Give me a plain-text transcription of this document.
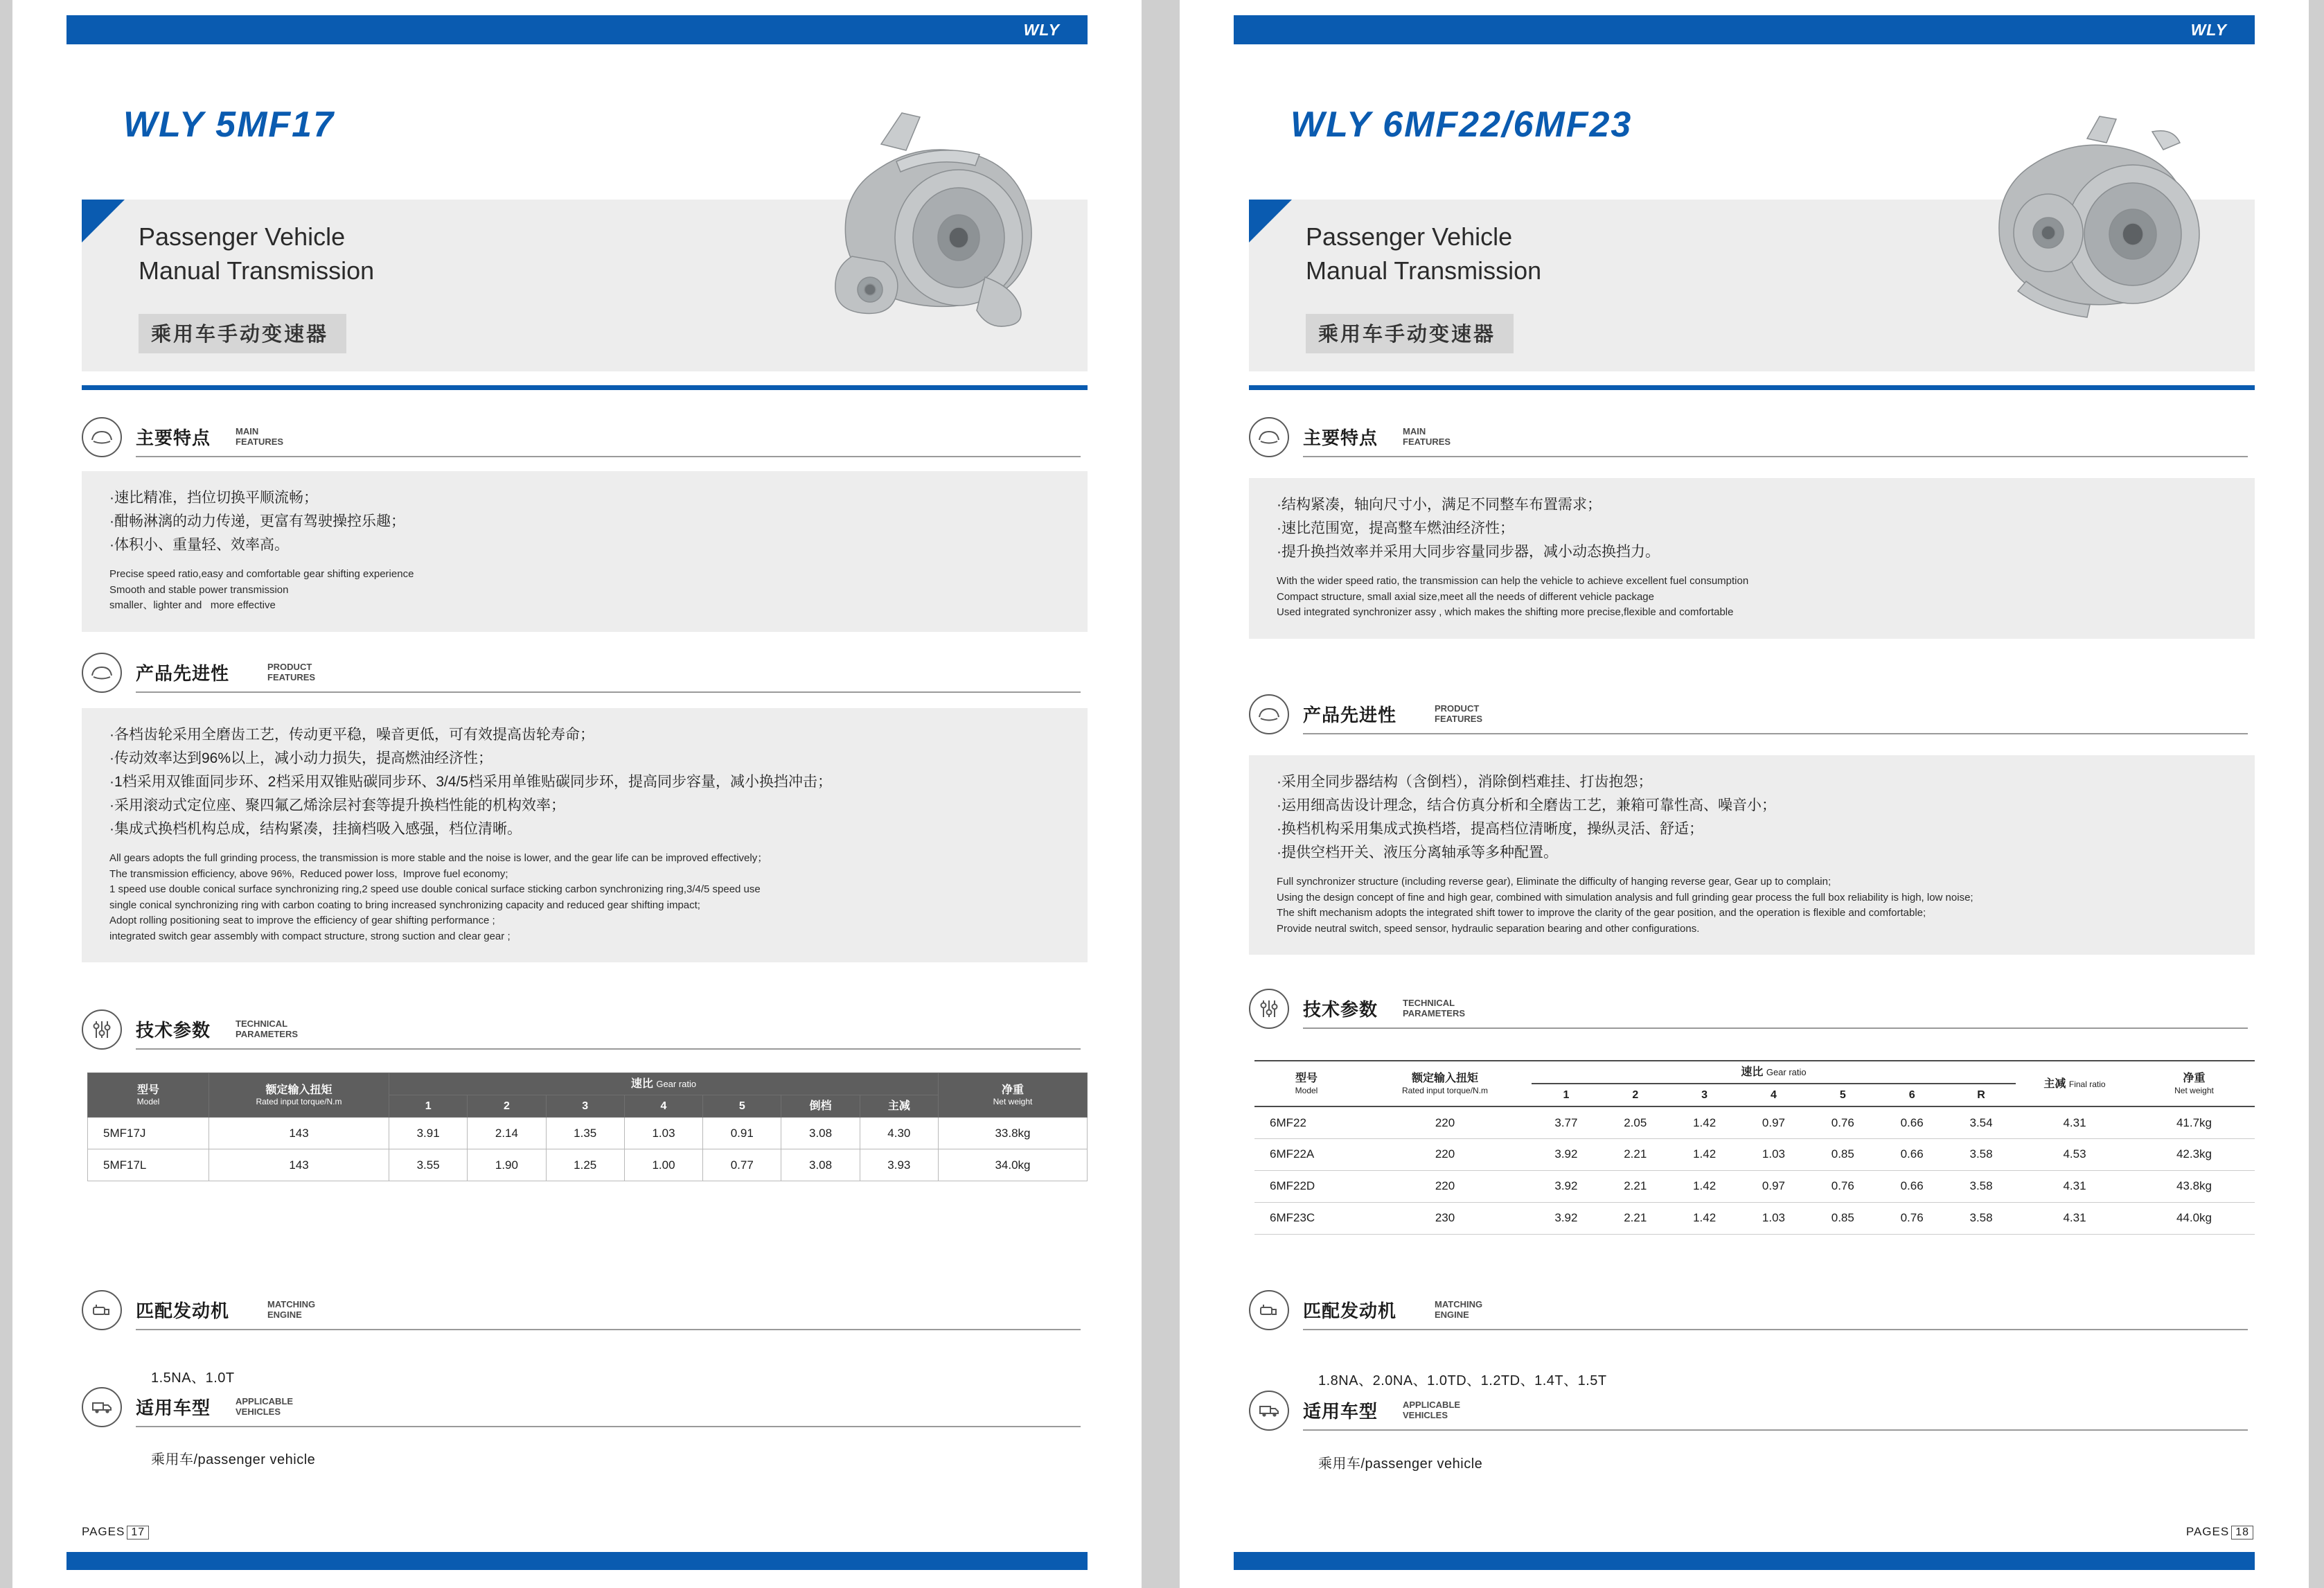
WLY
WLY 5MF17
Passenger Vehicle
Manual Transmission
乘用车手动变速器
主要特点	MAIN
FEATURES
·速比精准，挡位切换平顺流畅；
·酣畅淋漓的动力传递，更富有驾驶操控乐趣；
·体积小、重量轻、效率高。
Precise speed ratio,easy and comfortable gear shifting experience
Smooth and stable power transmission
smaller、lighter and   more effective
产品先进性	PRODUCT
FEATURES
·各档齿轮采用全磨齿工艺，传动更平稳，噪音更低，可有效提高齿轮寿命；
·传动效率达到96%以上，减小动力损失，提高燃油经济性；
·1档采用双锥面同步环、2档采用双锥贴碳同步环、3/4/5档采用单锥贴碳同步环，提高同步容量，减小换挡冲击；
·采用滚动式定位座、聚四氟乙烯涂层衬套等提升换档性能的机构效率；
·集成式换档机构总成，结构紧凑，挂摘档吸入感强，档位清晰。
All gears adopts the full grinding process, the transmission is more stable and the noise is lower, and the gear life can be improved effectively；
The transmission efficiency, above 96%,  Reduced power loss,  Improve fuel economy;
1 speed use double conical surface synchronizing ring,2 speed use double conical surface sticking carbon synchronizing ring,3/4/5 speed use
single conical synchronizing ring with carbon coating to bring increased synchronizing capacity and reduced gear shifting impact;
Adopt rolling positioning seat to improve the efficiency of gear shifting performance ;
integrated switch gear assembly with compact structure, strong suction and clear gear ;
技术参数	TECHNICAL
PARAMETERS
型号
Model	额定输入扭矩
Rated input torque/N.m	速比 Gear ratio							净重
Net weight

		1	2	3	4	5	倒档	主减	
5MF17J	143	3.91	2.14	1.35	1.03	0.91	3.08	4.30	33.8kg
5MF17L	143	3.55	1.90	1.25	1.00	0.77	3.08	3.93	34.0kg
匹配发动机	MATCHING
ENGINE
1.5NA、1.0T
适用车型	APPLICABLE
VEHICLES
乘用车/passenger vehicle
PAGES 17
WLY
WLY 6MF22/6MF23
Passenger Vehicle
Manual Transmission
乘用车手动变速器
主要特点	MAIN
FEATURES
·结构紧凑，轴向尺寸小，满足不同整车布置需求；
·速比范围宽，提高整车燃油经济性；
·提升换挡效率并采用大同步容量同步器，减小动态换挡力。
With the wider speed ratio, the transmission can help the vehicle to achieve excellent fuel consumption
Compact structure, small axial size,meet all the needs of different vehicle package
Used integrated synchronizer assy , which makes the shifting more precise,flexible and comfortable
产品先进性	PRODUCT
FEATURES
·采用全同步器结构（含倒档），消除倒档难挂、打齿抱怨；
·运用细高齿设计理念，结合仿真分析和全磨齿工艺，兼箱可靠性高、噪音小；
·换档机构采用集成式换档塔，提高档位清晰度，操纵灵活、舒适；
·提供空档开关、液压分离轴承等多种配置。
Full synchronizer structure (including reverse gear), Eliminate the difficulty of hanging reverse gear, Gear up to complain;
Using the design concept of fine and high gear, combined with simulation analysis and full grinding gear process the full box reliability is high, low noise;
The shift mechanism adopts the integrated shift tower to improve the clarity of the gear position, and the operation is flexible and comfortable;
Provide neutral switch, speed sensor, hydraulic separation bearing and other configurations.
技术参数	TECHNICAL
PARAMETERS
型号
Model	额定输入扭矩
Rated input torque/N.m	速比 Gear ratio							主减 Final ratio	净重
Net weight

		1	2	3	4	5	6	R		
6MF22	220	3.77	2.05	1.42	0.97	0.76	0.66	3.54	4.31	41.7kg
6MF22A	220	3.92	2.21	1.42	1.03	0.85	0.66	3.58	4.53	42.3kg
6MF22D	220	3.92	2.21	1.42	0.97	0.76	0.66	3.58	4.31	43.8kg
6MF23C	230	3.92	2.21	1.42	1.03	0.85	0.76	3.58	4.31	44.0kg
匹配发动机	MATCHING
ENGINE
1.8NA、2.0NA、1.0TD、1.2TD、1.4T、1.5T
适用车型	APPLICABLE
VEHICLES
乘用车/passenger vehicle
PAGES 18
